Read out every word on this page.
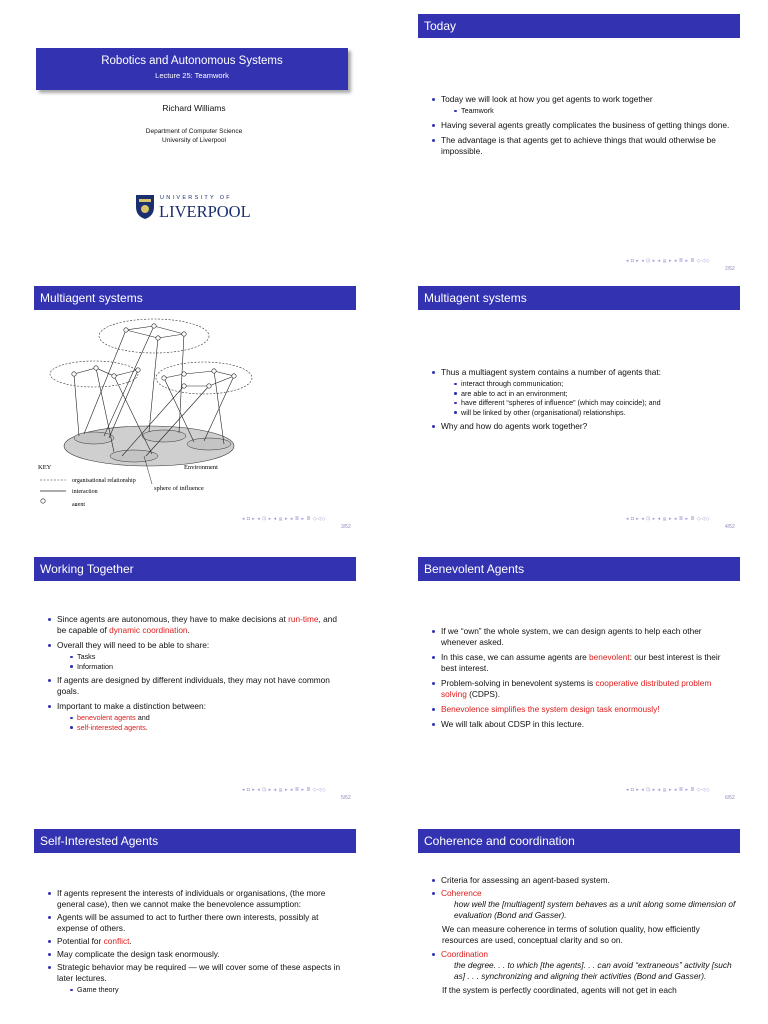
Robotics and Autonomous Systems
Lecture 25: Teamwork
Richard Williams
Department of Computer Science
University of Liverpool
UNIVERSITY OF
LIVERPOOL
Today
Today we will look at how you get agents to work together
Teamwork
Having several agents greatly complicates the business of getting things done.
The advantage is that agents get to achieve things that would otherwise be impossible.
◂ ◘ ▸ ◂ ⊡ ▸ ◂ ≧ ▸ ◂ ≣ ▸ ≣ ◇◁◇
2/52
Multiagent systems
Environment
sphere of influence
KEY
organisational relationship
interaction
agent
◂ ◘ ▸ ◂ ⊡ ▸ ◂ ≧ ▸ ◂ ≣ ▸ ≣ ◇◁◇
3/52
Multiagent systems
Thus a multiagent system contains a number of agents that:
interact through communication;
are able to act in an environment;
have different “spheres of influence” (which may coincide); and
will be linked by other (organisational) relationships.
Why and how do agents work together?
◂ ◘ ▸ ◂ ⊡ ▸ ◂ ≧ ▸ ◂ ≣ ▸ ≣ ◇◁◇
4/52
Working Together
Since agents are autonomous, they have to make decisions at run-time, and be capable of dynamic coordination.
Overall they will need to be able to share:
Tasks
Information
If agents are designed by different individuals, they may not have common goals.
Important to make a distinction between:
benevolent agents and
self-interested agents.
◂ ◘ ▸ ◂ ⊡ ▸ ◂ ≧ ▸ ◂ ≣ ▸ ≣ ◇◁◇
5/52
Benevolent Agents
If we “own” the whole system, we can design agents to help each other whenever asked.
In this case, we can assume agents are benevolent: our best interest is their best interest.
Problem-solving in benevolent systems is cooperative distributed problem solving (CDPS).
Benevolence simplifies the system design task enormously!
We will talk about CDSP in this lecture.
◂ ◘ ▸ ◂ ⊡ ▸ ◂ ≧ ▸ ◂ ≣ ▸ ≣ ◇◁◇
6/52
Self-Interested Agents
If agents represent the interests of individuals or organisations, (the more general case), then we cannot make the benevolence assumption:
Agents will be assumed to act to further there own interests, possibly at expense of others.
Potential for conflict.
May complicate the design task enormously.
Strategic behavior may be required — we will cover some of these aspects in later lectures.
Game theory
Coherence and coordination
Criteria for assessing an agent-based system.
Coherence
how well the [multiagent] system behaves as a unit along some dimension of evaluation (Bond and Gasser).
We can measure coherence in terms of solution quality, how efficiently resources are used, conceptual clarity and so on.
Coordination
the degree. . . to which [the agents]. . . can avoid “extraneous” activity [such as] . . . synchronizing and aligning their activities (Bond and Gasser).
If the system is perfectly coordinated, agents will not get in each
